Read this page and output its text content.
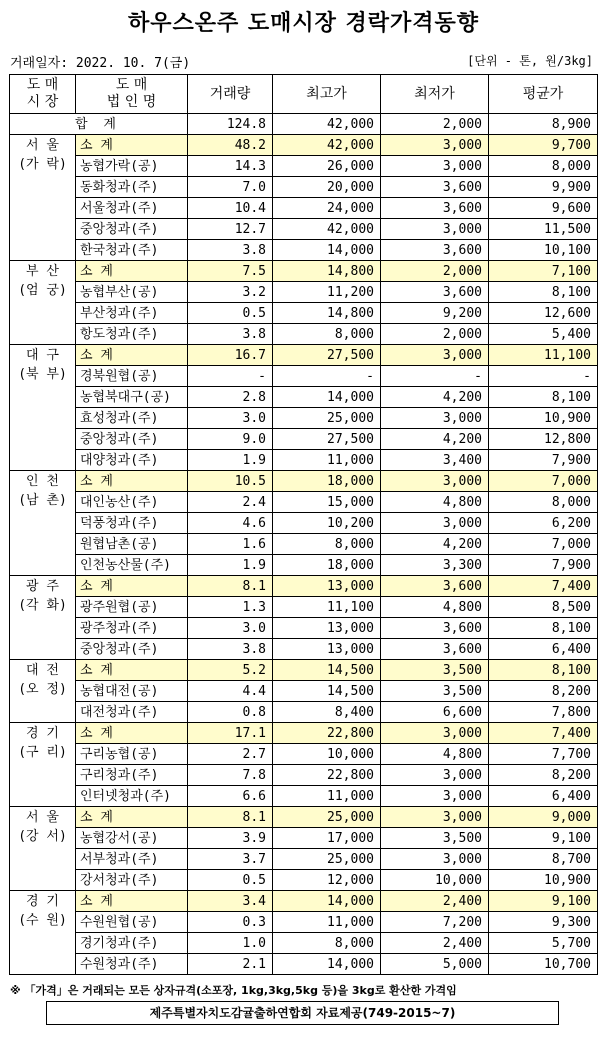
하우스온주 도매시장 경락가격동향
거래일자: 2022. 10. 7(금)	[단위 - 톤, 원/3kg]
도 매
시 장	도 매
법 인 명	거래량	최고가	최저가	평균가
합 계		124.8	42,000	2,000	8,900
서 울
(가 락)	소 계	48.2	42,000	3,000	9,700
	농협가락(공)	14.3	26,000	3,000	8,000
	동화청과(주)	7.0	20,000	3,600	9,900
	서울청과(주)	10.4	24,000	3,600	9,600
	중앙청과(주)	12.7	42,000	3,000	11,500
	한국청과(주)	3.8	14,000	3,600	10,100
부 산
(엄 궁)	소 계	7.5	14,800	2,000	7,100
	농협부산(공)	3.2	11,200	3,600	8,100
	부산청과(주)	0.5	14,800	9,200	12,600
	항도청과(주)	3.8	8,000	2,000	5,400
대 구
(북 부)	소 계	16.7	27,500	3,000	11,100
	경북원협(공)	-	-	-	-
	농협북대구(공)	2.8	14,000	4,200	8,100
	효성청과(주)	3.0	25,000	3,000	10,900
	중앙청과(주)	9.0	27,500	4,200	12,800
	대양청과(주)	1.9	11,000	3,400	7,900
인 천
(남 촌)	소 계	10.5	18,000	3,000	7,000
	대인농산(주)	2.4	15,000	4,800	8,000
	덕풍청과(주)	4.6	10,200	3,000	6,200
	원협남촌(공)	1.6	8,000	4,200	7,000
	인천농산물(주)	1.9	18,000	3,300	7,900
광 주
(각 화)	소 계	8.1	13,000	3,600	7,400
	광주원협(공)	1.3	11,100	4,800	8,500
	광주청과(주)	3.0	13,000	3,600	8,100
	중앙청과(주)	3.8	13,000	3,600	6,400
대 전
(오 정)	소 계	5.2	14,500	3,500	8,100
	농협대전(공)	4.4	14,500	3,500	8,200
	대전청과(주)	0.8	8,400	6,600	7,800
경 기
(구 리)	소 계	17.1	22,800	3,000	7,400
	구리농협(공)	2.7	10,000	4,800	7,700
	구리청과(주)	7.8	22,800	3,000	8,200
	인터넷청과(주)	6.6	11,000	3,000	6,400
서 울
(강 서)	소 계	8.1	25,000	3,000	9,000
	농협강서(공)	3.9	17,000	3,500	9,100
	서부청과(주)	3.7	25,000	3,000	8,700
	강서청과(주)	0.5	12,000	10,000	10,900
경 기
(수 원)	소 계	3.4	14,000	2,400	9,100
	수원원협(공)	0.3	11,000	7,200	9,300
	경기청과(주)	1.0	8,000	2,400	5,700
	수원청과(주)	2.1	14,000	5,000	10,700
※ 「가격」은 거래되는 모든 상자규격(소포장, 1kg,3kg,5kg 등)을 3kg로 환산한 가격임
제주특별자치도감귤출하연합회 자료제공(749-2015~7)
